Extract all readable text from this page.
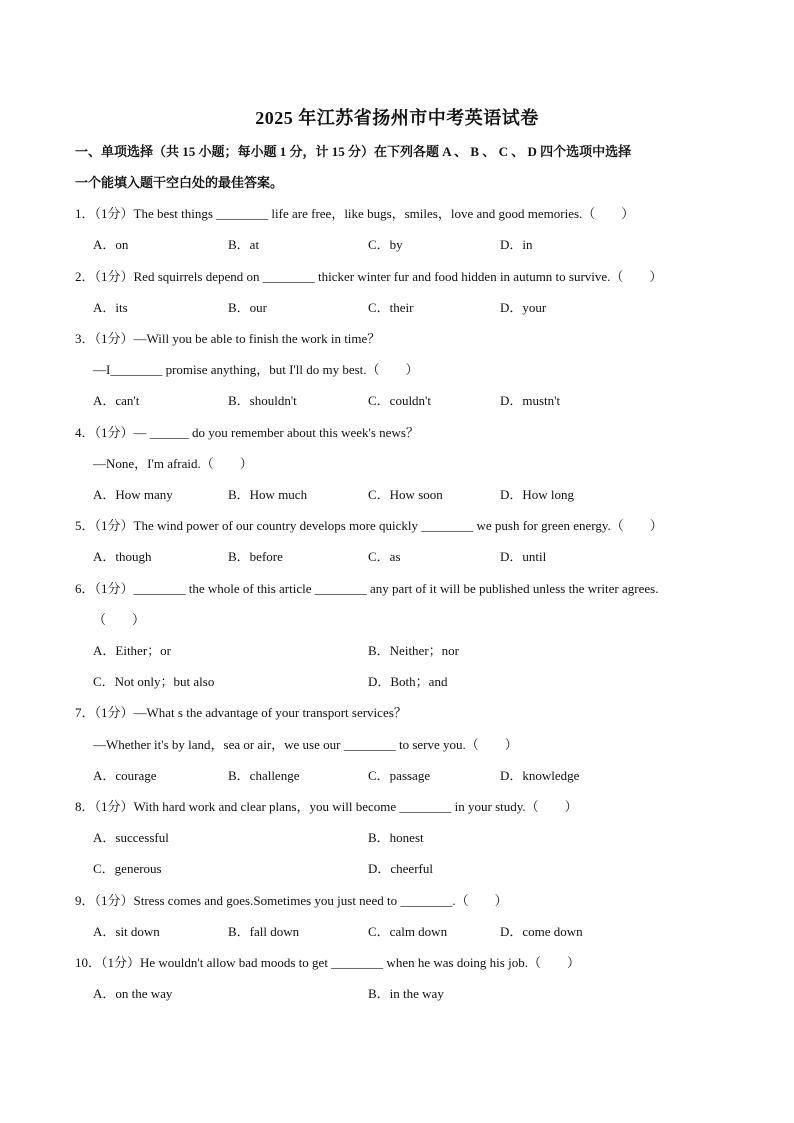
2025 年江苏省扬州市中考英语试卷
一、单项选择（共 15 小题；每小题 1 分，计 15 分）在下列各题 A 、 B 、 C 、 D 四个选项中选择
一个能填入题干空白处的最佳答案。
1．（1分）The best things ________ life are free，like bugs，smiles，love and good memories.（　　）
A．on	B．at	C．by	D．in
2．（1分）Red squirrels depend on ________ thicker winter fur and food hidden in autumn to survive.（　　）
A．its	B．our	C．their	D．your
3．（1分）—Will you be able to finish the work in time？
—I________ promise anything，but I'll do my best.（　　）
A．can't	B．shouldn't	C．couldn't	D．mustn't
4．（1分）— ______ do you remember about this week's news？
—None，I'm afraid.（　　）
A．How many	B．How much	C．How soon	D．How long
5．（1分）The wind power of our country develops more quickly ________ we push for green energy.（　　）
A．though	B．before	C．as	D．until
6．（1分）________ the whole of this article ________ any part of it will be published unless the writer agrees.
（　　）
A．Either；or	B．Neither；nor
C．Not only；but also	D．Both；and
7．（1分）—What s the advantage of your transport services？
—Whether it's by land，sea or air，we use our ________ to serve you.（　　）
A．courage	B．challenge	C．passage	D．knowledge
8．（1分）With hard work and clear plans，you will become ________ in your study.（　　）
A．successful	B．honest
C．generous	D．cheerful
9．（1分）Stress comes and goes.Sometimes you just need to ________.（　　）
A．sit down	B．fall down	C．calm down	D．come down
10．（1分）He wouldn't allow bad moods to get ________ when he was doing his job.（　　）
A．on the way	B．in the way
